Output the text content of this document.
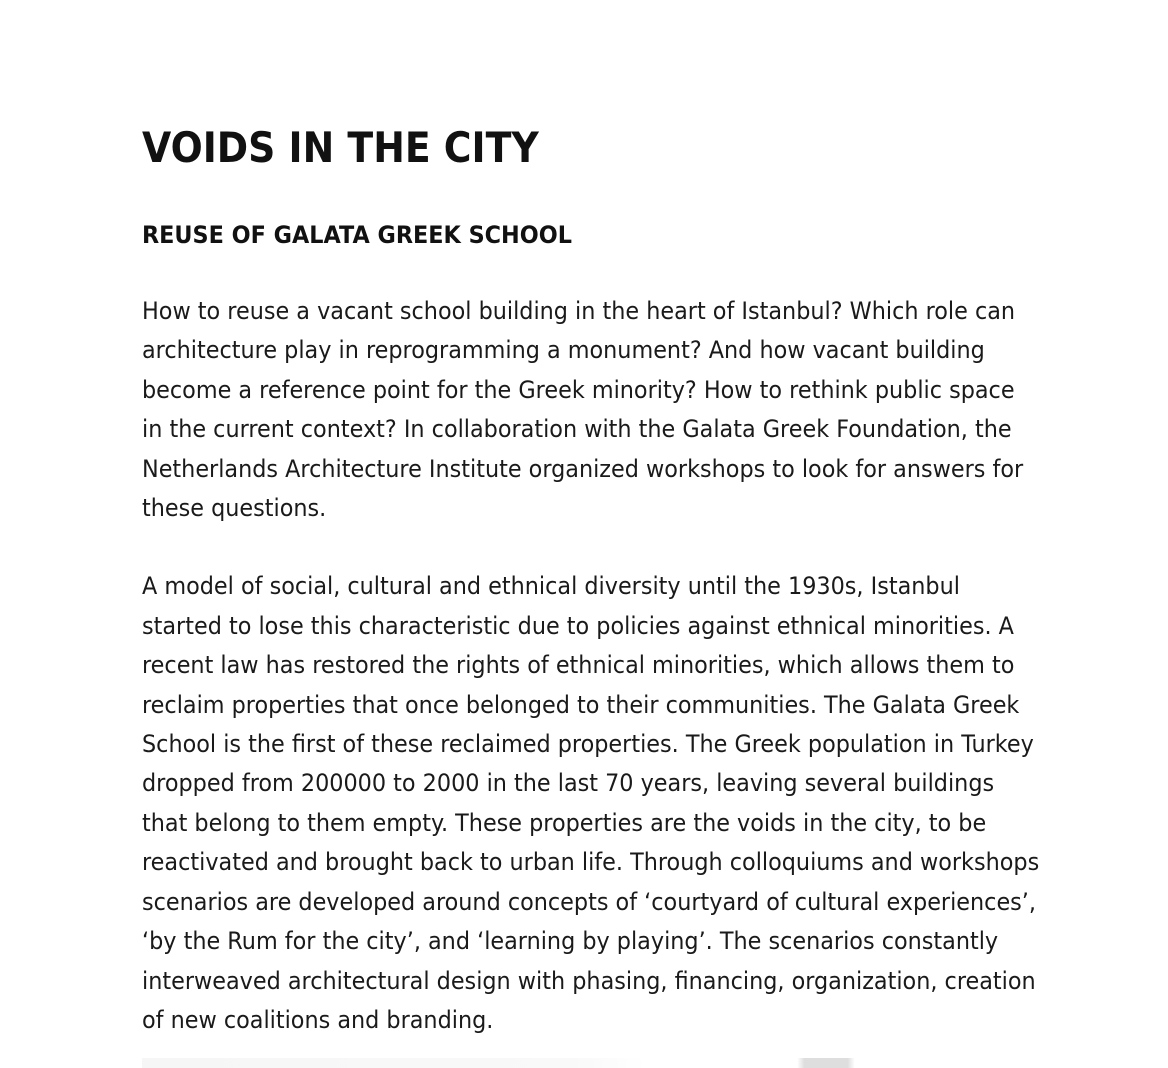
VOIDS IN THE CITY
REUSE OF GALATA GREEK SCHOOL

How to reuse a vacant school building in the heart of Istanbul? Which role can
architecture play in reprogramming a monument? And how vacant building
become a reference point for the Greek minority? How to rethink public space
in the current context? In collaboration with the Galata Greek Foundation, the
Netherlands Architecture Institute organized workshops to look for answers for
these questions.

A model of social, cultural and ethnical diversity until the 1930s, Istanbul
started to lose this characteristic due to policies against ethnical minorities. A
recent law has restored the rights of ethnical minorities, which allows them to
reclaim properties that once belonged to their communities. The Galata Greek
School is the first of these reclaimed properties. The Greek population in Turkey
dropped from 200000 to 2000 in the last 70 years, leaving several buildings
that belong to them empty. These properties are the voids in the city, to be
reactivated and brought back to urban life. Through colloquiums and workshops
scenarios are developed around concepts of ‘courtyard of cultural experiences’,
‘by the Rum for the city’, and ‘learning by playing’. The scenarios constantly
interweaved architectural design with phasing, financing, organization, creation
of new coalitions and branding.
